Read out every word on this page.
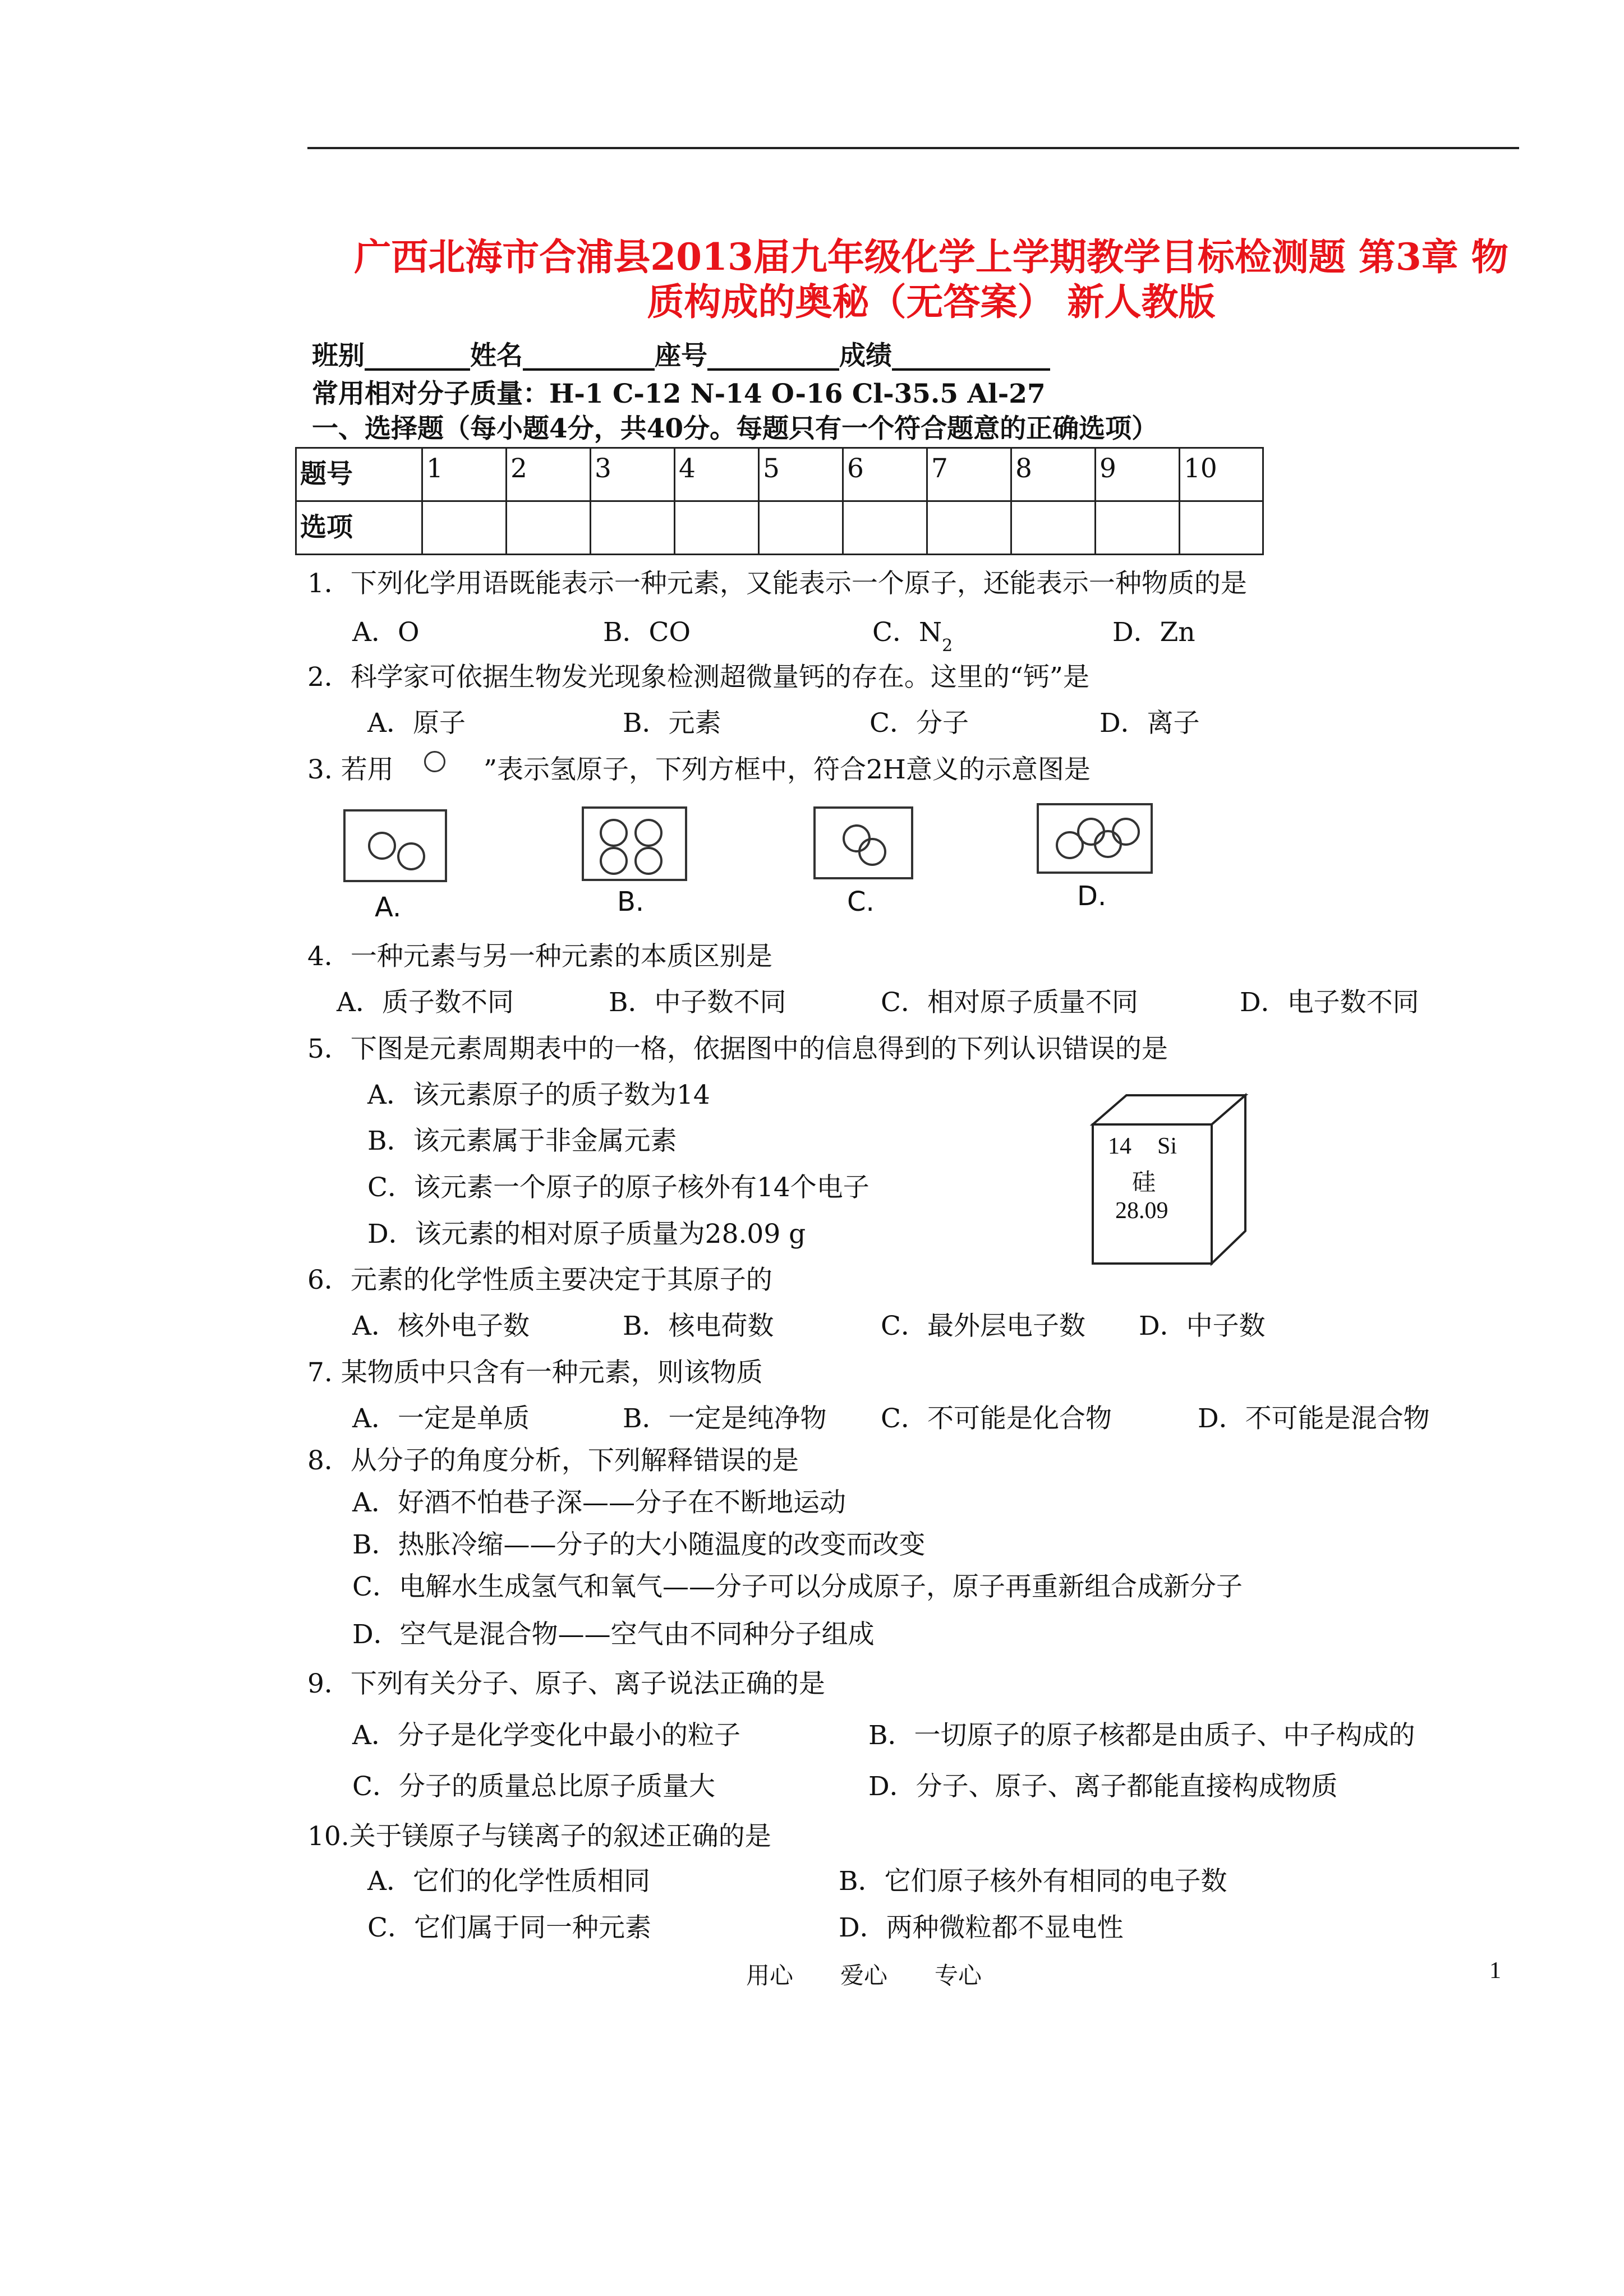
广西北海市合浦县2013届九年级化学上学期教学目标检测题 第3章 物
质构成的奥秘（无答案） 新人教版
班别________姓名__________座号__________成绩____________
常用相对分子质量：H-1 C-12 N-14 O-16 Cl-35.5 Al-27
一、选择题（每小题4分，共40分。每题只有一个符合题意的正确选项）
题号	1	2	3	4	5	6	7	8	9	10
选项										
1．下列化学用语既能表示一种元素，又能表示一个原子，还能表示一种物质的是
A．O	B．CO	C．$N_2$	D．Zn
2．科学家可依据生物发光现象检测超微量钙的存在。这里的“钙”是
A．原子	B．元素	C．分子	D．离子
3. 若用	”表示氢原子，下列方框中，符合2H意义的示意图是
A.	B.	C.	D.
4．一种元素与另一种元素的本质区别是
A．质子数不同	B．中子数不同	C．相对原子质量不同	D．电子数不同
5．下图是元素周期表中的一格，依据图中的信息得到的下列认识错误的是
A．该元素原子的质子数为14
B．该元素属于非金属元素
C．该元素一个原子的原子核外有14个电子
D．该元素的相对原子质量为28.09 g
14 Si
硅
28.09
6．元素的化学性质主要决定于其原子的
A．核外电子数	B．核电荷数	C．最外层电子数 D．中子数
7. 某物质中只含有一种元素，则该物质
A．一定是单质	B．一定是纯净物 C．不可能是化合物	D．不可能是混合物
8．从分子的角度分析，下列解释错误的是
A．好酒不怕巷子深——分子在不断地运动
B．热胀冷缩——分子的大小随温度的改变而改变
C．电解水生成氢气和氧气——分子可以分成原子，原子再重新组合成新分子
D．空气是混合物——空气由不同种分子组成
9．下列有关分子、原子、离子说法正确的是
A．分子是化学变化中最小的粒子	B．一切原子的原子核都是由质子、中子构成的
C．分子的质量总比原子质量大	D．分子、原子、离子都能直接构成物质
10.关于镁原子与镁离子的叙述正确的是
A．它们的化学性质相同	B．它们原子核外有相同的电子数
C．它们属于同一种元素	D．两种微粒都不显电性
用心　　爱心　　专心	1
